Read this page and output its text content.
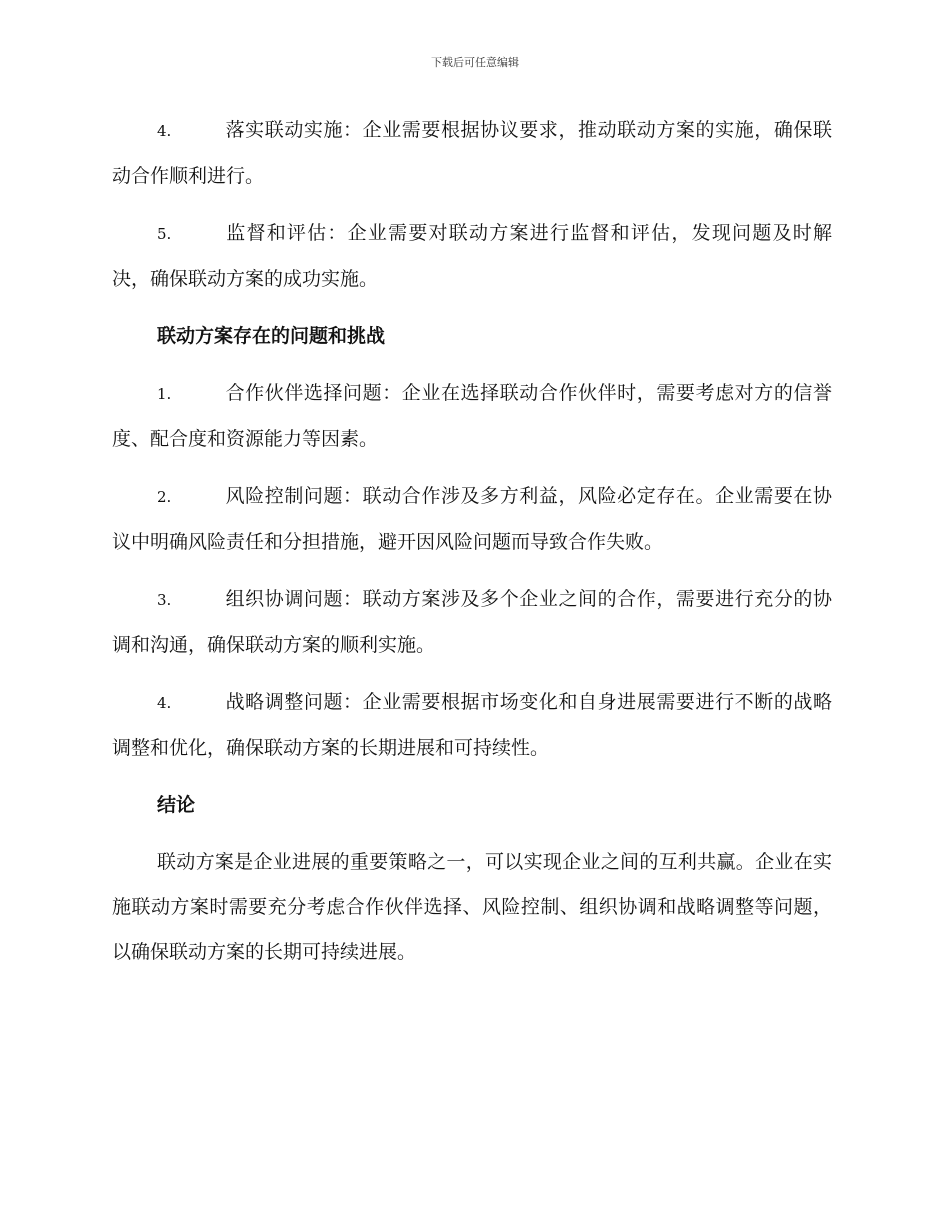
下载后可任意编辑

4.	落实联动实施：企业需要根据协议要求，推动联动方案的实施，确保联动合作顺利进行。

5.	监督和评估：企业需要对联动方案进行监督和评估，发现问题及时解决，确保联动方案的成功实施。

联动方案存在的问题和挑战

1.	合作伙伴选择问题：企业在选择联动合作伙伴时，需要考虑对方的信誉度、配合度和资源能力等因素。

2.	风险控制问题：联动合作涉及多方利益，风险必定存在。企业需要在协议中明确风险责任和分担措施，避开因风险问题而导致合作失败。

3.	组织协调问题：联动方案涉及多个企业之间的合作，需要进行充分的协调和沟通，确保联动方案的顺利实施。

4.	战略调整问题：企业需要根据市场变化和自身进展需要进行不断的战略调整和优化，确保联动方案的长期进展和可持续性。

结论

联动方案是企业进展的重要策略之一，可以实现企业之间的互利共赢。企业在实施联动方案时需要充分考虑合作伙伴选择、风险控制、组织协调和战略调整等问题，以确保联动方案的长期可持续进展。
